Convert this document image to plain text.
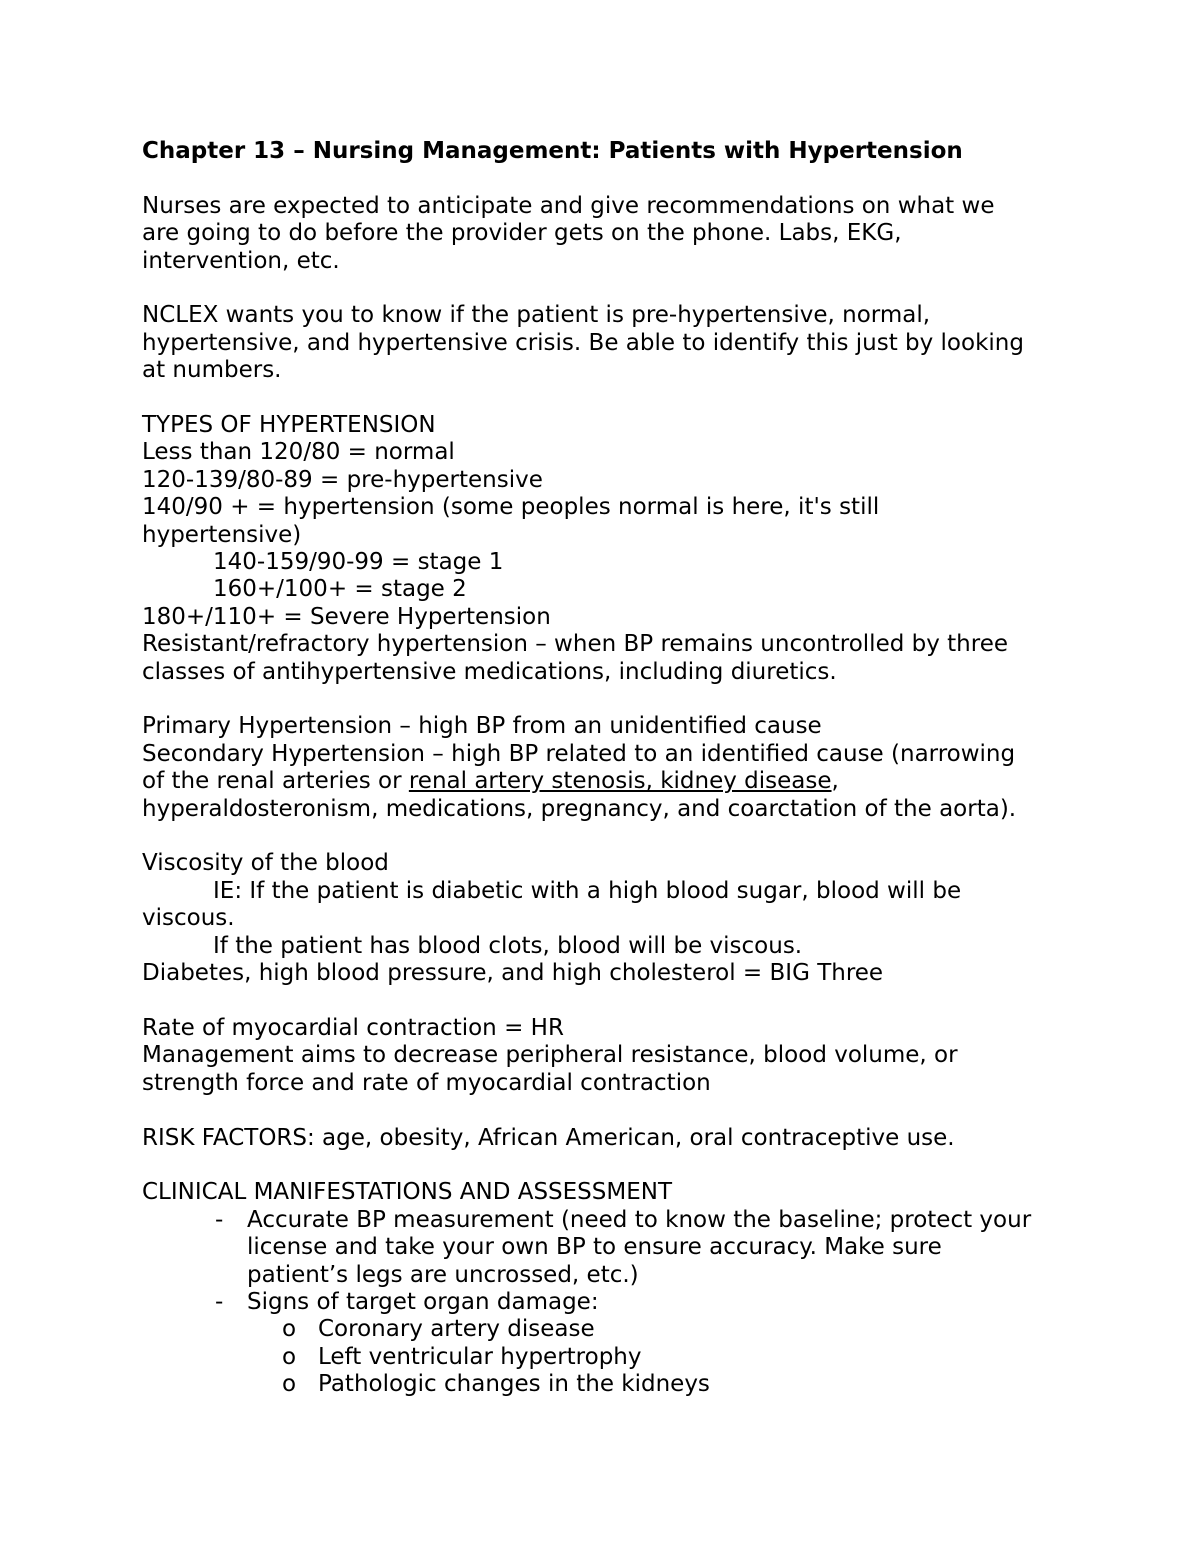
Chapter 13 – Nursing Management: Patients with Hypertension

Nurses are expected to anticipate and give recommendations on what we

are going to do before the provider gets on the phone. Labs, EKG,

intervention, etc.

NCLEX wants you to know if the patient is pre-hypertensive, normal,

hypertensive, and hypertensive crisis. Be able to identify this just by looking

at numbers.

TYPES OF HYPERTENSION

Less than 120/80 = normal

120-139/80-89 = pre-hypertensive

140/90 + = hypertension (some peoples normal is here, it's still

hypertensive)

140-159/90-99 = stage 1

160+/100+ = stage 2

180+/110+ = Severe Hypertension

Resistant/refractory hypertension – when BP remains uncontrolled by three

classes of antihypertensive medications, including diuretics.

Primary Hypertension – high BP from an unidentified cause

Secondary Hypertension – high BP related to an identified cause (narrowing

of the renal arteries or renal artery stenosis, kidney disease,

hyperaldosteronism, medications, pregnancy, and coarctation of the aorta).

Viscosity of the blood

IE: If the patient is diabetic with a high blood sugar, blood will be

viscous.

If the patient has blood clots, blood will be viscous.

Diabetes, high blood pressure, and high cholesterol = BIG Three

Rate of myocardial contraction = HR

Management aims to decrease peripheral resistance, blood volume, or

strength force and rate of myocardial contraction

RISK FACTORS: age, obesity, African American, oral contraceptive use.

CLINICAL MANIFESTATIONS AND ASSESSMENT

- Accurate BP measurement (need to know the baseline; protect your
license and take your own BP to ensure accuracy. Make sure
patient’s legs are uncrossed, etc.)
- Signs of target organ damage:
o Coronary artery disease
o Left ventricular hypertrophy
o Pathologic changes in the kidneys
